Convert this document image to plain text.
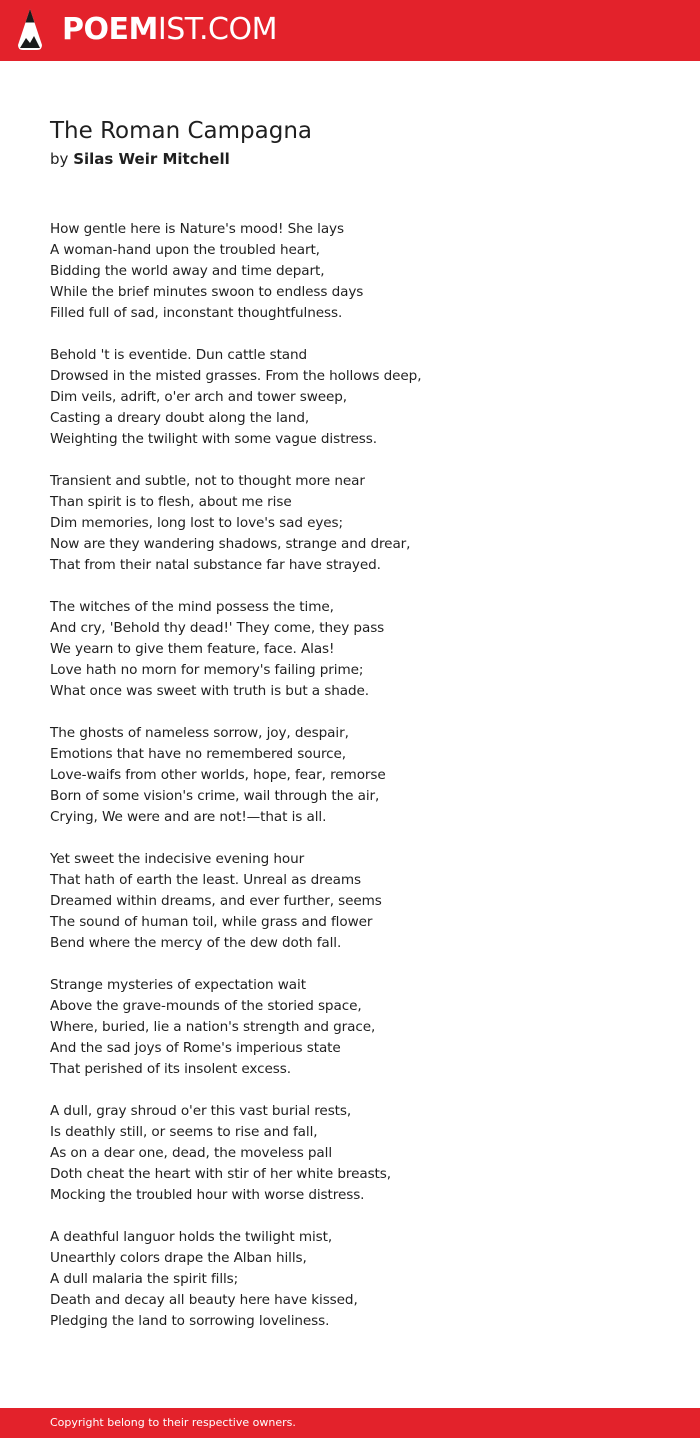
POEMIST.COM
The Roman Campagna
by Silas Weir Mitchell
How gentle here is Nature's mood! She lays
A woman-hand upon the troubled heart,
Bidding the world away and time depart,
While the brief minutes swoon to endless days
Filled full of sad, inconstant thoughtfulness.
Behold 't is eventide. Dun cattle stand
Drowsed in the misted grasses. From the hollows deep,
Dim veils, adrift, o'er arch and tower sweep,
Casting a dreary doubt along the land,
Weighting the twilight with some vague distress.
Transient and subtle, not to thought more near
Than spirit is to flesh, about me rise
Dim memories, long lost to love's sad eyes;
Now are they wandering shadows, strange and drear,
That from their natal substance far have strayed.
The witches of the mind possess the time,
And cry, 'Behold thy dead!' They come, they pass
We yearn to give them feature, face. Alas!
Love hath no morn for memory's failing prime;
What once was sweet with truth is but a shade.
The ghosts of nameless sorrow, joy, despair,
Emotions that have no remembered source,
Love-waifs from other worlds, hope, fear, remorse
Born of some vision's crime, wail through the air,
Crying, We were and are not!—that is all.
Yet sweet the indecisive evening hour
That hath of earth the least. Unreal as dreams
Dreamed within dreams, and ever further, seems
The sound of human toil, while grass and flower
Bend where the mercy of the dew doth fall.
Strange mysteries of expectation wait
Above the grave-mounds of the storied space,
Where, buried, lie a nation's strength and grace,
And the sad joys of Rome's imperious state
That perished of its insolent excess.
A dull, gray shroud o'er this vast burial rests,
Is deathly still, or seems to rise and fall,
As on a dear one, dead, the moveless pall
Doth cheat the heart with stir of her white breasts,
Mocking the troubled hour with worse distress.
A deathful languor holds the twilight mist,
Unearthly colors drape the Alban hills,
A dull malaria the spirit fills;
Death and decay all beauty here have kissed,
Pledging the land to sorrowing loveliness.
Copyright belong to their respective owners.
